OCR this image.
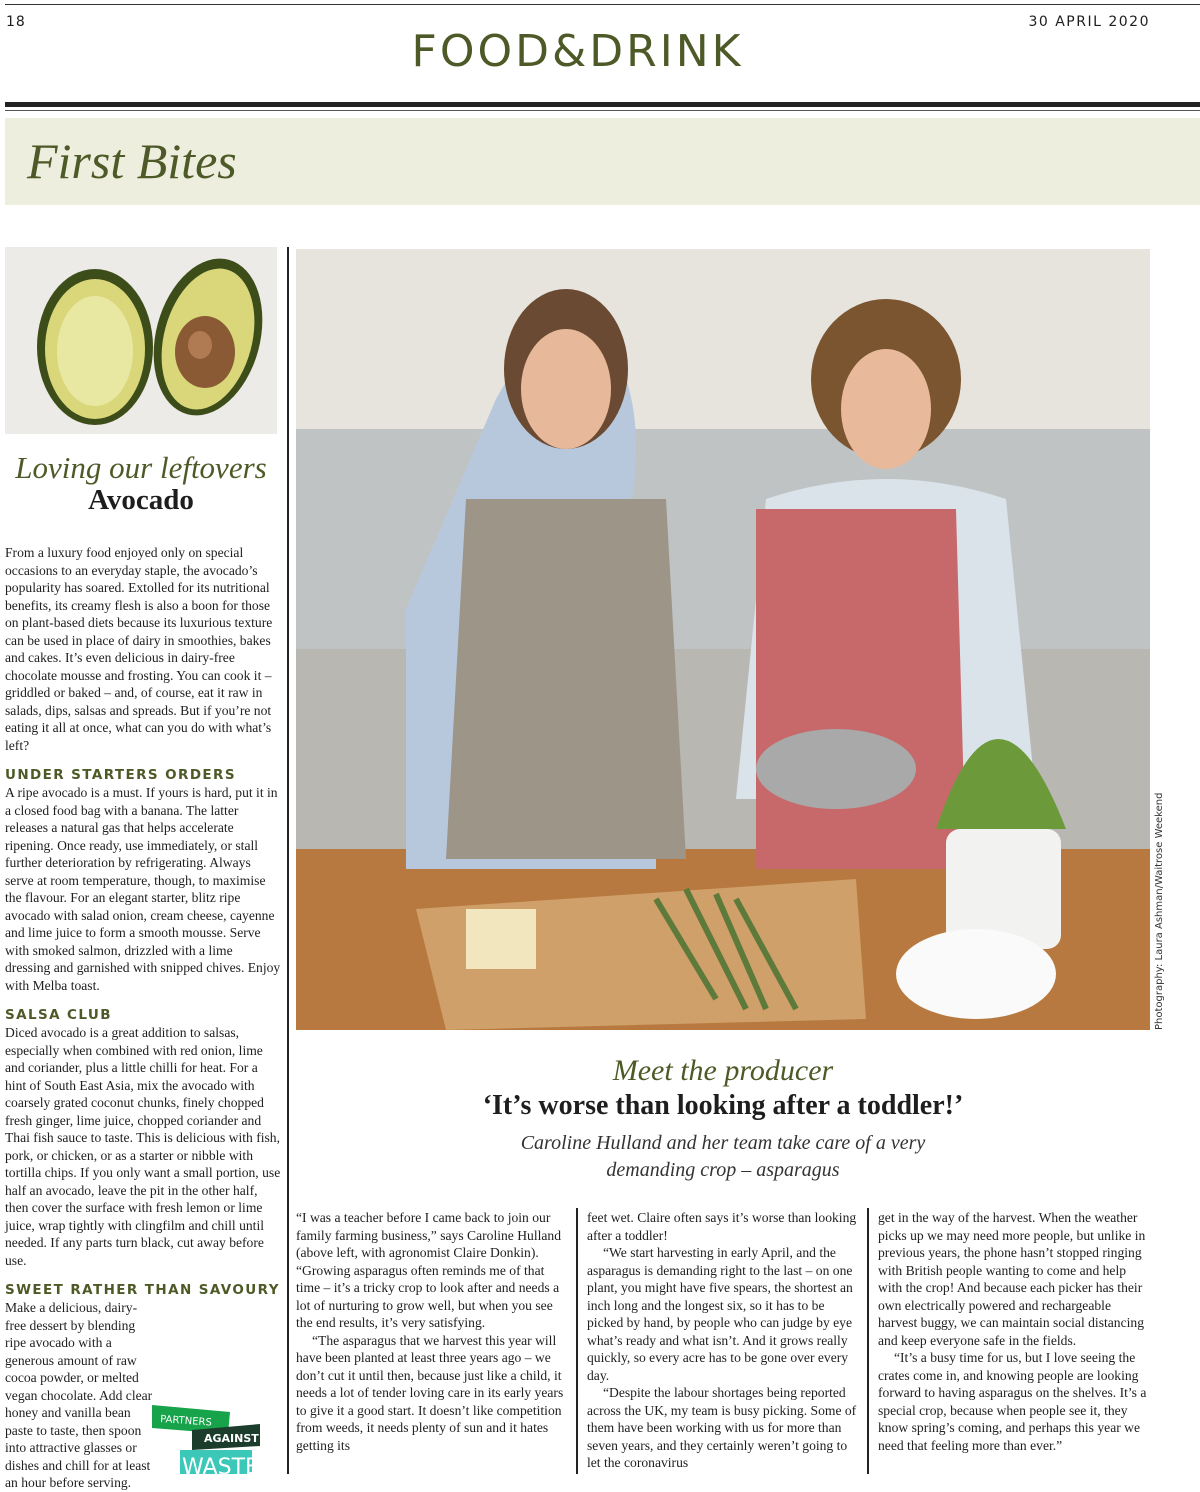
18	30 APRIL 2020
FOOD&DRINK
First Bites
Loving our leftovers
Avocado

From a luxury food enjoyed only on special occasions to an everyday staple, the avocado’s popularity has soared. Extolled for its nutritional benefits, its creamy flesh is also a boon for those on plant-based diets because its luxurious texture can be used in place of dairy in smoothies, bakes and cakes. It’s even delicious in dairy-free chocolate mousse and frosting. You can cook it – griddled or baked – and, of course, eat it raw in salads, dips, salsas and spreads. But if you’re not eating it all at once, what can you do with what’s left?

UNDER STARTERS ORDERS

A ripe avocado is a must. If yours is hard, put it in a closed food bag with a banana. The latter releases a natural gas that helps accelerate ripening. Once ready, use immediately, or stall further deterioration by refrigerating. Always serve at room temperature, though, to maximise the flavour. For an elegant starter, blitz ripe avocado with salad onion, cream cheese, cayenne and lime juice to form a smooth mousse. Serve with smoked salmon, drizzled with a lime dressing and garnished with snipped chives. Enjoy with Melba toast.

SALSA CLUB

Diced avocado is a great addition to salsas, especially when combined with red onion, lime and coriander, plus a little chilli for heat. For a hint of South East Asia, mix the avocado with coarsely grated coconut chunks, finely chopped fresh ginger, lime juice, chopped coriander and Thai fish sauce to taste. This is delicious with fish, pork, or chicken, or as a starter or nibble with tortilla chips. If you only want a small portion, use half an avocado, leave the pit in the other half, then cover the surface with fresh lemon or lime juice, wrap tightly with clingfilm and chill until needed. If any parts turn black, cut away before use.

SWEET RATHER THAN SAVOURY

Make a delicious, dairy-free dessert by blending ripe avocado with a generous amount of raw cocoa powder, or melted vegan chocolate. Add clear honey and vanilla bean paste to taste, then spoon into attractive glasses or dishes and chill for at least an hour before serving.

PARTNERS
AGAINST
WASTE
Photography: Laura Ashman/Waitrose Weekend
Meet the producer
‘It’s worse than looking after a toddler!’
Caroline Hulland and her team take care of a very demanding crop – asparagus

“I was a teacher before I came back to join our family farming business,” says Caroline Hulland (above left, with agronomist Claire Donkin). “Growing asparagus often reminds me of that time – it’s a tricky crop to look after and needs a lot of nurturing to grow well, but when you see the end results, it’s very satisfying.

“The asparagus that we harvest this year will have been planted at least three years ago – we don’t cut it until then, because just like a child, it needs a lot of tender loving care in its early years to give it a good start. It doesn’t like competition from weeds, it needs plenty of sun and it hates getting its

feet wet. Claire often says it’s worse than looking after a toddler!

“We start harvesting in early April, and the asparagus is demanding right to the last – on one plant, you might have five spears, the shortest an inch long and the longest six, so it has to be picked by hand, by people who can judge by eye what’s ready and what isn’t. And it grows really quickly, so every acre has to be gone over every day.

“Despite the labour shortages being reported across the UK, my team is busy picking. Some of them have been working with us for more than seven years, and they certainly weren’t going to let the coronavirus

get in the way of the harvest. When the weather picks up we may need more people, but unlike in previous years, the phone hasn’t stopped ringing with British people wanting to come and help with the crop! And because each picker has their own electrically powered and rechargeable harvest buggy, we can maintain social distancing and keep everyone safe in the fields.

“It’s a busy time for us, but I love seeing the crates come in, and knowing people are looking forward to having asparagus on the shelves. It’s a special crop, because when people see it, they know spring’s coming, and perhaps this year we need that feeling more than ever.”
